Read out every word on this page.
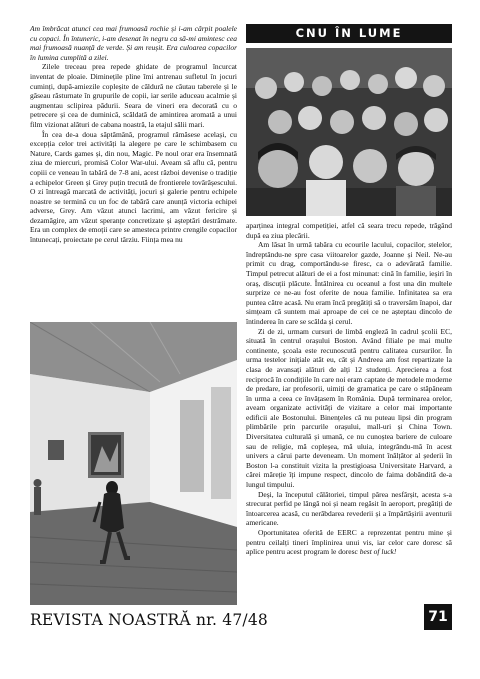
Am îmbrăcat atunci cea mai frumoasă rochie și i-am cârpit poalele cu copaci. În întuneric, i-am desenat în negru ca să-mi amintesc cea mai frumoasă nuanță de verde. Și am reușit. Era culoarea copacilor în lumina cumplită a zilei.

Zilele treceau prea repede ghidate de programul încurcat inventat de ploaie. Diminețile pline îmi antrenau sufletul în jocuri cuminți, după-amiezile copleșite de căldură ne căutau taberele și le găseau răsturnate în grupurile de copii, iar serile aduceau acalmie și augmentau sclipirea pădurii. Seara de vineri era decorată cu o petrecere și cea de duminică, scăldată de amintirea aromată a unui film vizionat alături de cabana noastră, la etajul sălii mari.

În cea de-a doua săptămână, programul rămăsese același, cu excepția celor trei activități la alegere pe care le schimbasem cu Nature, Cards games și, din nou, Magic. Pe noul orar era însemnată ziua de miercuri, promisă Color War-ului. Aveam să aflu că, pentru copiii ce veneau în tabără de 7-8 ani, acest război devenise o tradiție a echipelor Green și Grey puțin trecută de frontierele tovărășescului. O zi întreagă marcată de activități, jocuri și galerie pentru echipele noastre se termină cu un foc de tabără care anunță victoria echipei adverse, Grey. Am văzut atunci lacrimi, am văzut fericire și dezamăgire, am văzut speranțe concretizate și așteptări destrămate. Era un complex de emoții care se amesteca printre crengile copacilor întunecați, proiectate pe cerul târziu. Ființa mea nu

CNU ÎN LUME

aparținea integral competiției, atfel că seara trecu repede, trăgând după ea ziua plecării.

Am lăsat în urmă tabăra cu ecourile lacului, copacilor, stelelor, îndreptându-ne spre casa viitoarelor gazde, Joanne și Neil. Ne-au primit cu drag, comportându-se firesc, ca o adevărată familie. Timpul petrecut alături de ei a fost minunat: cină în familie, ieșiri în oraș, discuții plăcute. Întâlnirea cu oceanul a fost una din multele surprize ce ne-au fost oferite de noua familie. Infinitatea sa era puntea către acasă. Nu eram încă pregătiți să o traversăm înapoi, dar simțeam că suntem mai aproape de cei ce ne așteptau dincolo de întinderea în care se scălda și cerul.

Zi de zi, urmam cursuri de limbă engleză în cadrul școlii EC, situată în centrul orașului Boston. Având filiale pe mai multe continente, școala este recunoscută pentru calitatea cursurilor. În urma testelor inițiale atât eu, cât și Andreea am fost repartizate la clasa de avansați alături de alți 12 studenți. Aprecierea a fost reciprocă în condițiile în care noi eram captate de metodele moderne de predare, iar profesorii, uimiți de gramatica pe care o stăpâneam în urma a ceea ce învățasem în România. După terminarea orelor, aveam organizate activități de vizitare a celor mai importante edificii ale Bostonului. Binențeles că nu puteau lipsi din program plimbările prin parcurile orașului, mall-uri și China Town. Diversitatea culturală și umană, ce nu cunoștea bariere de culoare sau de religie, mă copleșea, mă uluia, integrându-mă în acest univers a cărui parte deveneam. Un moment înălțător al șederii în Boston l-a constituit vizita la prestigioasa Universitate Harvard, a cărei măreție îți impune respect, dincolo de faima dobândită de-a lungul timpului.

Deși, la începutul călătoriei, timpul părea nesfârșit, acesta s-a strecurat perfid pe lângă noi și neam regăsit în aeroport, pregătiți de întoarcerea acasă, cu nerăbdarea revederii și a împărtășirii aventurii americane.

Oportunitatea oferită de EERC a reprezentat pentru mine și pentru ceilalți tineri împlinirea unui vis, iar celor care doresc să aplice pentru acest program le doresc best of luck!

REVISTA NOASTRĂ nr. 47/48	71
